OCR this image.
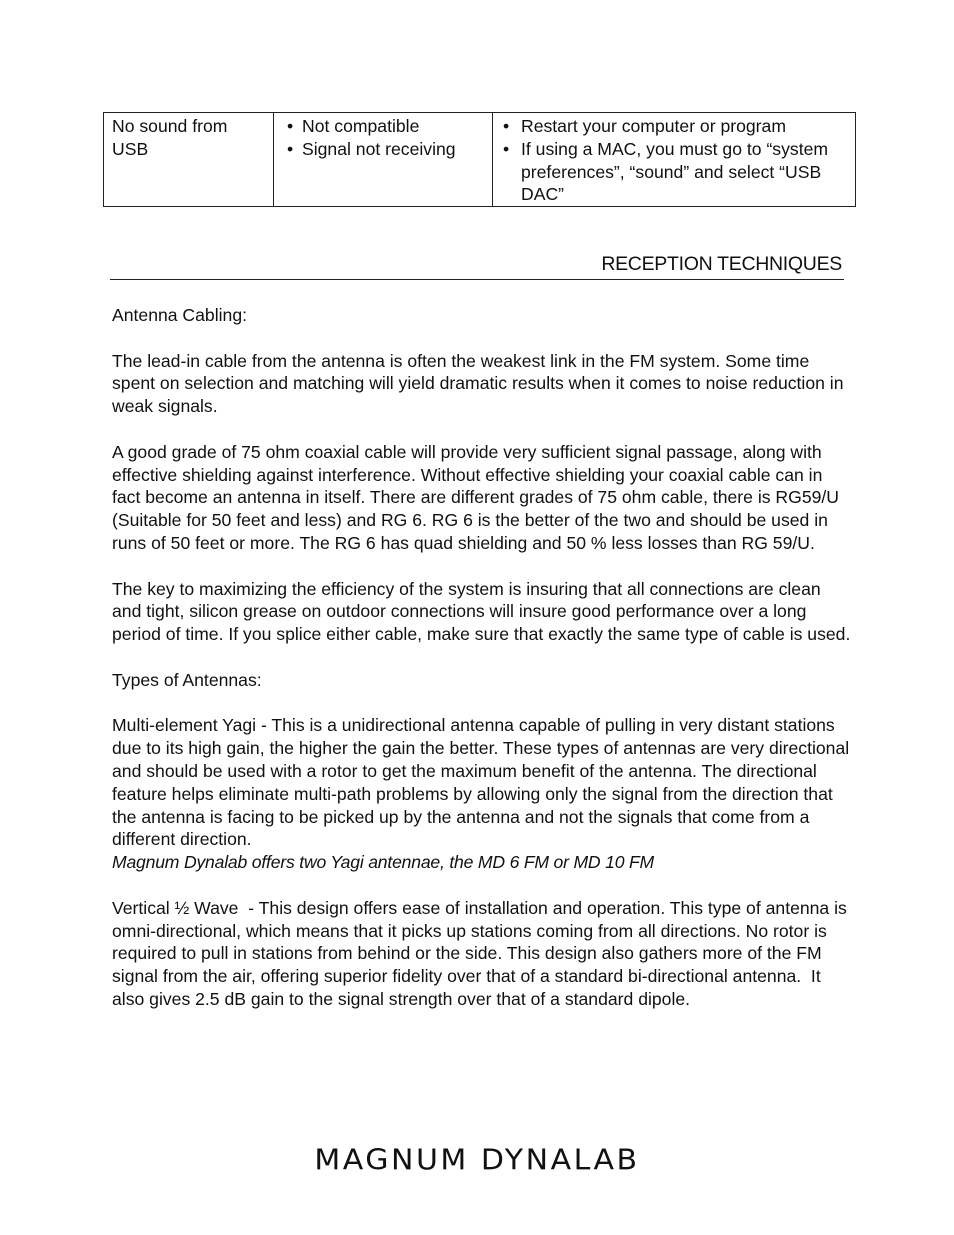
No sound from USB
• Not compatible
• Signal not receiving
• Restart your computer or program
• If using a MAC, you must go to “system preferences”, “sound” and select “USB DAC”
RECEPTION TECHNIQUES

Antenna Cabling:

The lead-in cable from the antenna is often the weakest link in the FM system. Some time spent on selection and matching will yield dramatic results when it comes to noise reduction in weak signals.

A good grade of 75 ohm coaxial cable will provide very sufficient signal passage, along with effective shielding against interference. Without effective shielding your coaxial cable can in fact become an antenna in itself. There are different grades of 75 ohm cable, there is RG59/U (Suitable for 50 feet and less) and RG 6. RG 6 is the better of the two and should be used in runs of 50 feet or more. The RG 6 has quad shielding and 50 % less losses than RG 59/U.

The key to maximizing the efficiency of the system is insuring that all connections are clean and tight, silicon grease on outdoor connections will insure good performance over a long period of time. If you splice either cable, make sure that exactly the same type of cable is used.

Types of Antennas:

Multi-element Yagi - This is a unidirectional antenna capable of pulling in very distant stations due to its high gain, the higher the gain the better. These types of antennas are very directional and should be used with a rotor to get the maximum benefit of the antenna. The directional feature helps eliminate multi-path problems by allowing only the signal from the direction that the antenna is facing to be picked up by the antenna and not the signals that come from a different direction.

Magnum Dynalab offers two Yagi antennae, the MD 6 FM or MD 10 FM

Vertical ½ Wave  - This design offers ease of installation and operation. This type of antenna is omni-directional, which means that it picks up stations coming from all directions. No rotor is required to pull in stations from behind or the side. This design also gathers more of the FM signal from the air, offering superior fidelity over that of a standard bi-directional antenna.  It also gives 2.5 dB gain to the signal strength over that of a standard dipole.

MAGNUM DYNALAB
